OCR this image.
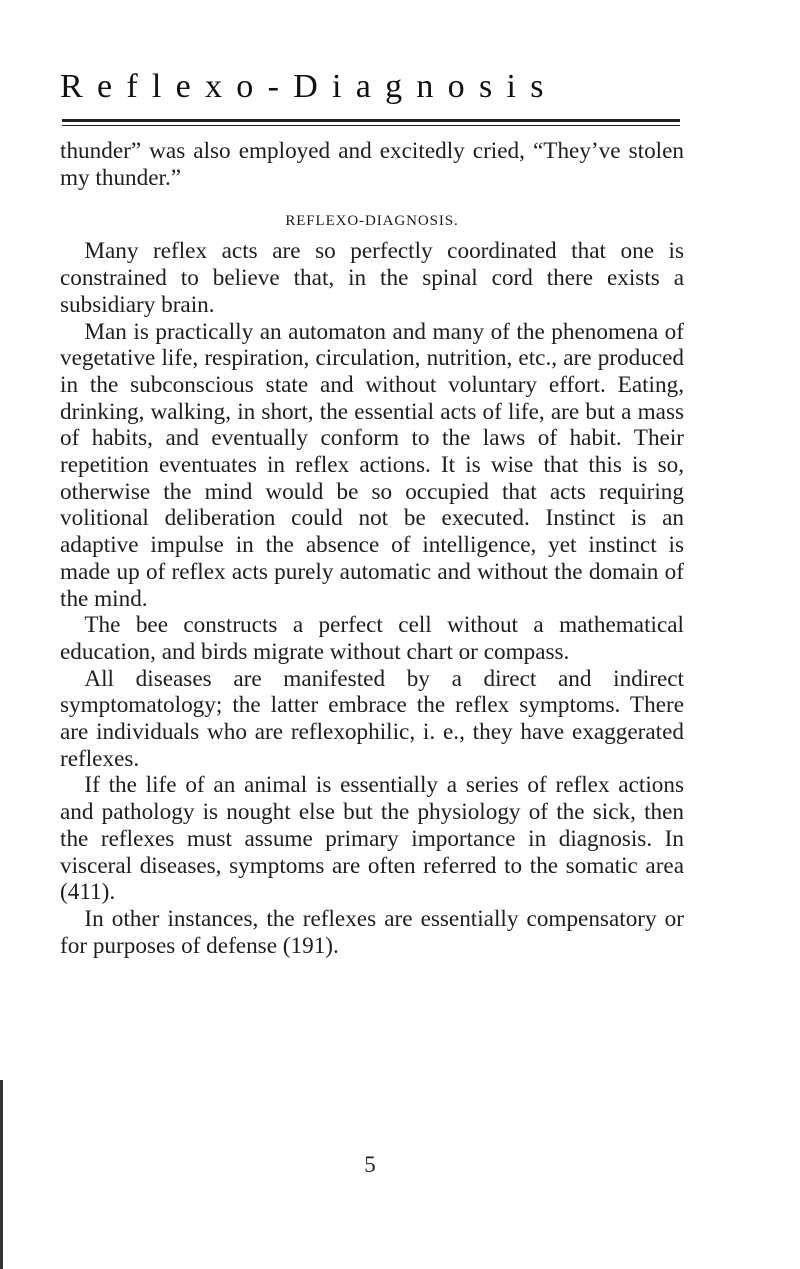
Reflexo-Diagnosis

thunder” was also employed and excitedly cried, “They’ve stolen my thunder.”

REFLEXO-DIAGNOSIS.

Many reflex acts are so perfectly coordinated that one is constrained to believe that, in the spinal cord there exists a subsidiary brain.

Man is practically an automaton and many of the phenomena of vegetative life, respiration, circulation, nutrition, etc., are produced in the subconscious state and without voluntary effort. Eating, drinking, walking, in short, the essential acts of life, are but a mass of habits, and eventually conform to the laws of habit. Their repetition eventuates in reflex actions. It is wise that this is so, otherwise the mind would be so occupied that acts requiring volitional deliberation could not be executed. Instinct is an adaptive impulse in the absence of intelligence, yet instinct is made up of reflex acts purely automatic and without the domain of the mind.

The bee constructs a perfect cell without a mathematical education, and birds migrate without chart or compass.

All diseases are manifested by a direct and indirect symptomatology; the latter embrace the reflex symptoms. There are individuals who are reflexophilic, i. e., they have exaggerated reflexes.

If the life of an animal is essentially a series of reflex actions and pathology is nought else but the physiology of the sick, then the reflexes must assume primary importance in diagnosis. In visceral diseases, symptoms are often referred to the somatic area (411).

In other instances, the reflexes are essentially compensatory or for purposes of defense (191).

5
